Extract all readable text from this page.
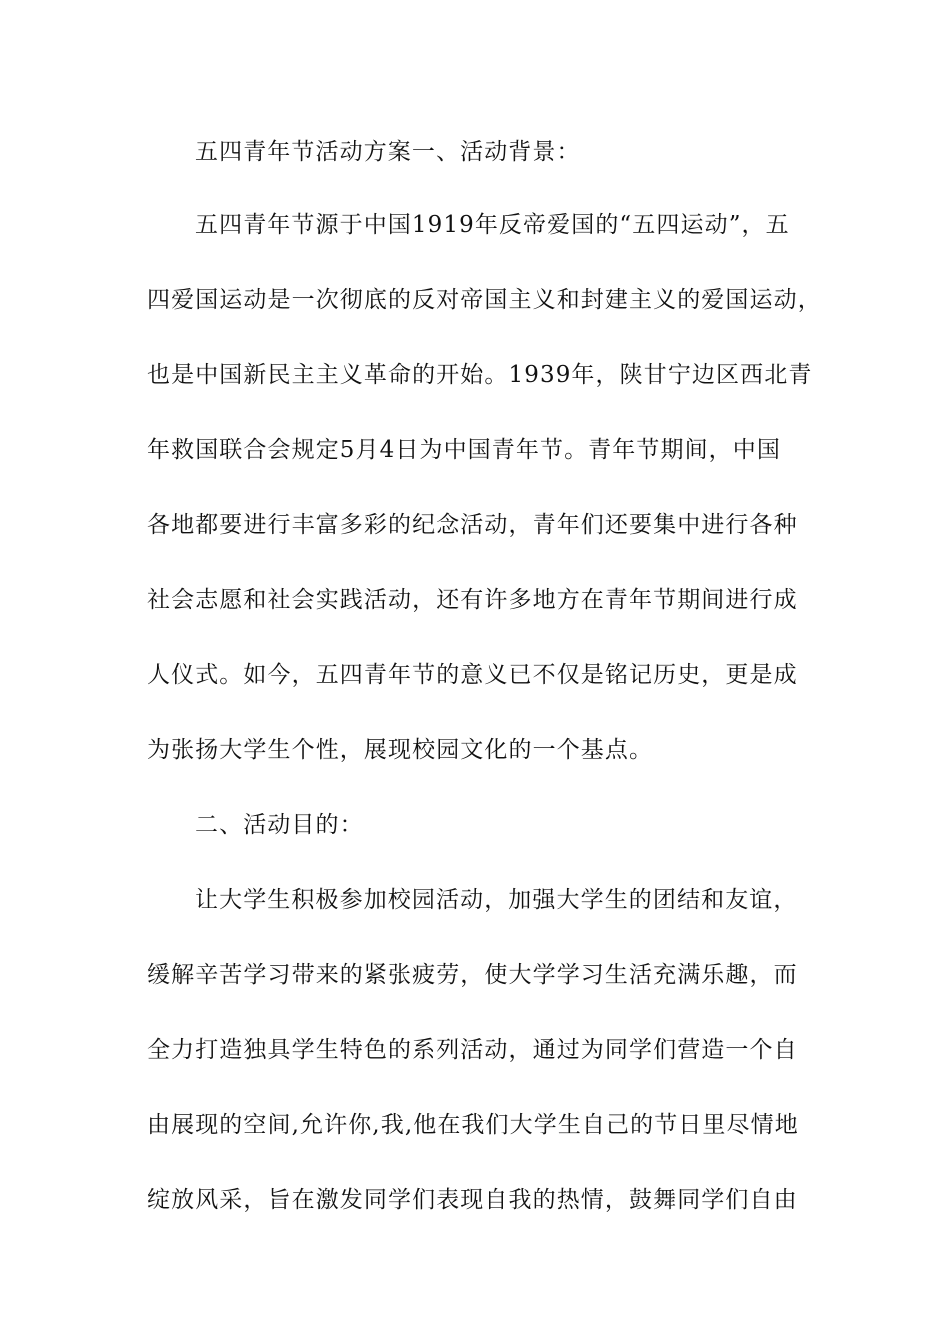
五四青年节活动方案一、活动背景：
五四青年节源于中国1919年反帝爱国的“五四运动”，五
四爱国运动是一次彻底的反对帝国主义和封建主义的爱国运动，
也是中国新民主主义革命的开始。1939年，陕甘宁边区西北青
年救国联合会规定5月4日为中国青年节。青年节期间，中国
各地都要进行丰富多彩的纪念活动，青年们还要集中进行各种
社会志愿和社会实践活动，还有许多地方在青年节期间进行成
人仪式。如今，五四青年节的意义已不仅是铭记历史，更是成
为张扬大学生个性，展现校园文化的一个基点。
二、活动目的：
让大学生积极参加校园活动，加强大学生的团结和友谊，
缓解辛苦学习带来的紧张疲劳，使大学学习生活充满乐趣，而
全力打造独具学生特色的系列活动，通过为同学们营造一个自
由展现的空间,允许你,我,他在我们大学生自己的节日里尽情地
绽放风采，旨在激发同学们表现自我的热情，鼓舞同学们自由
